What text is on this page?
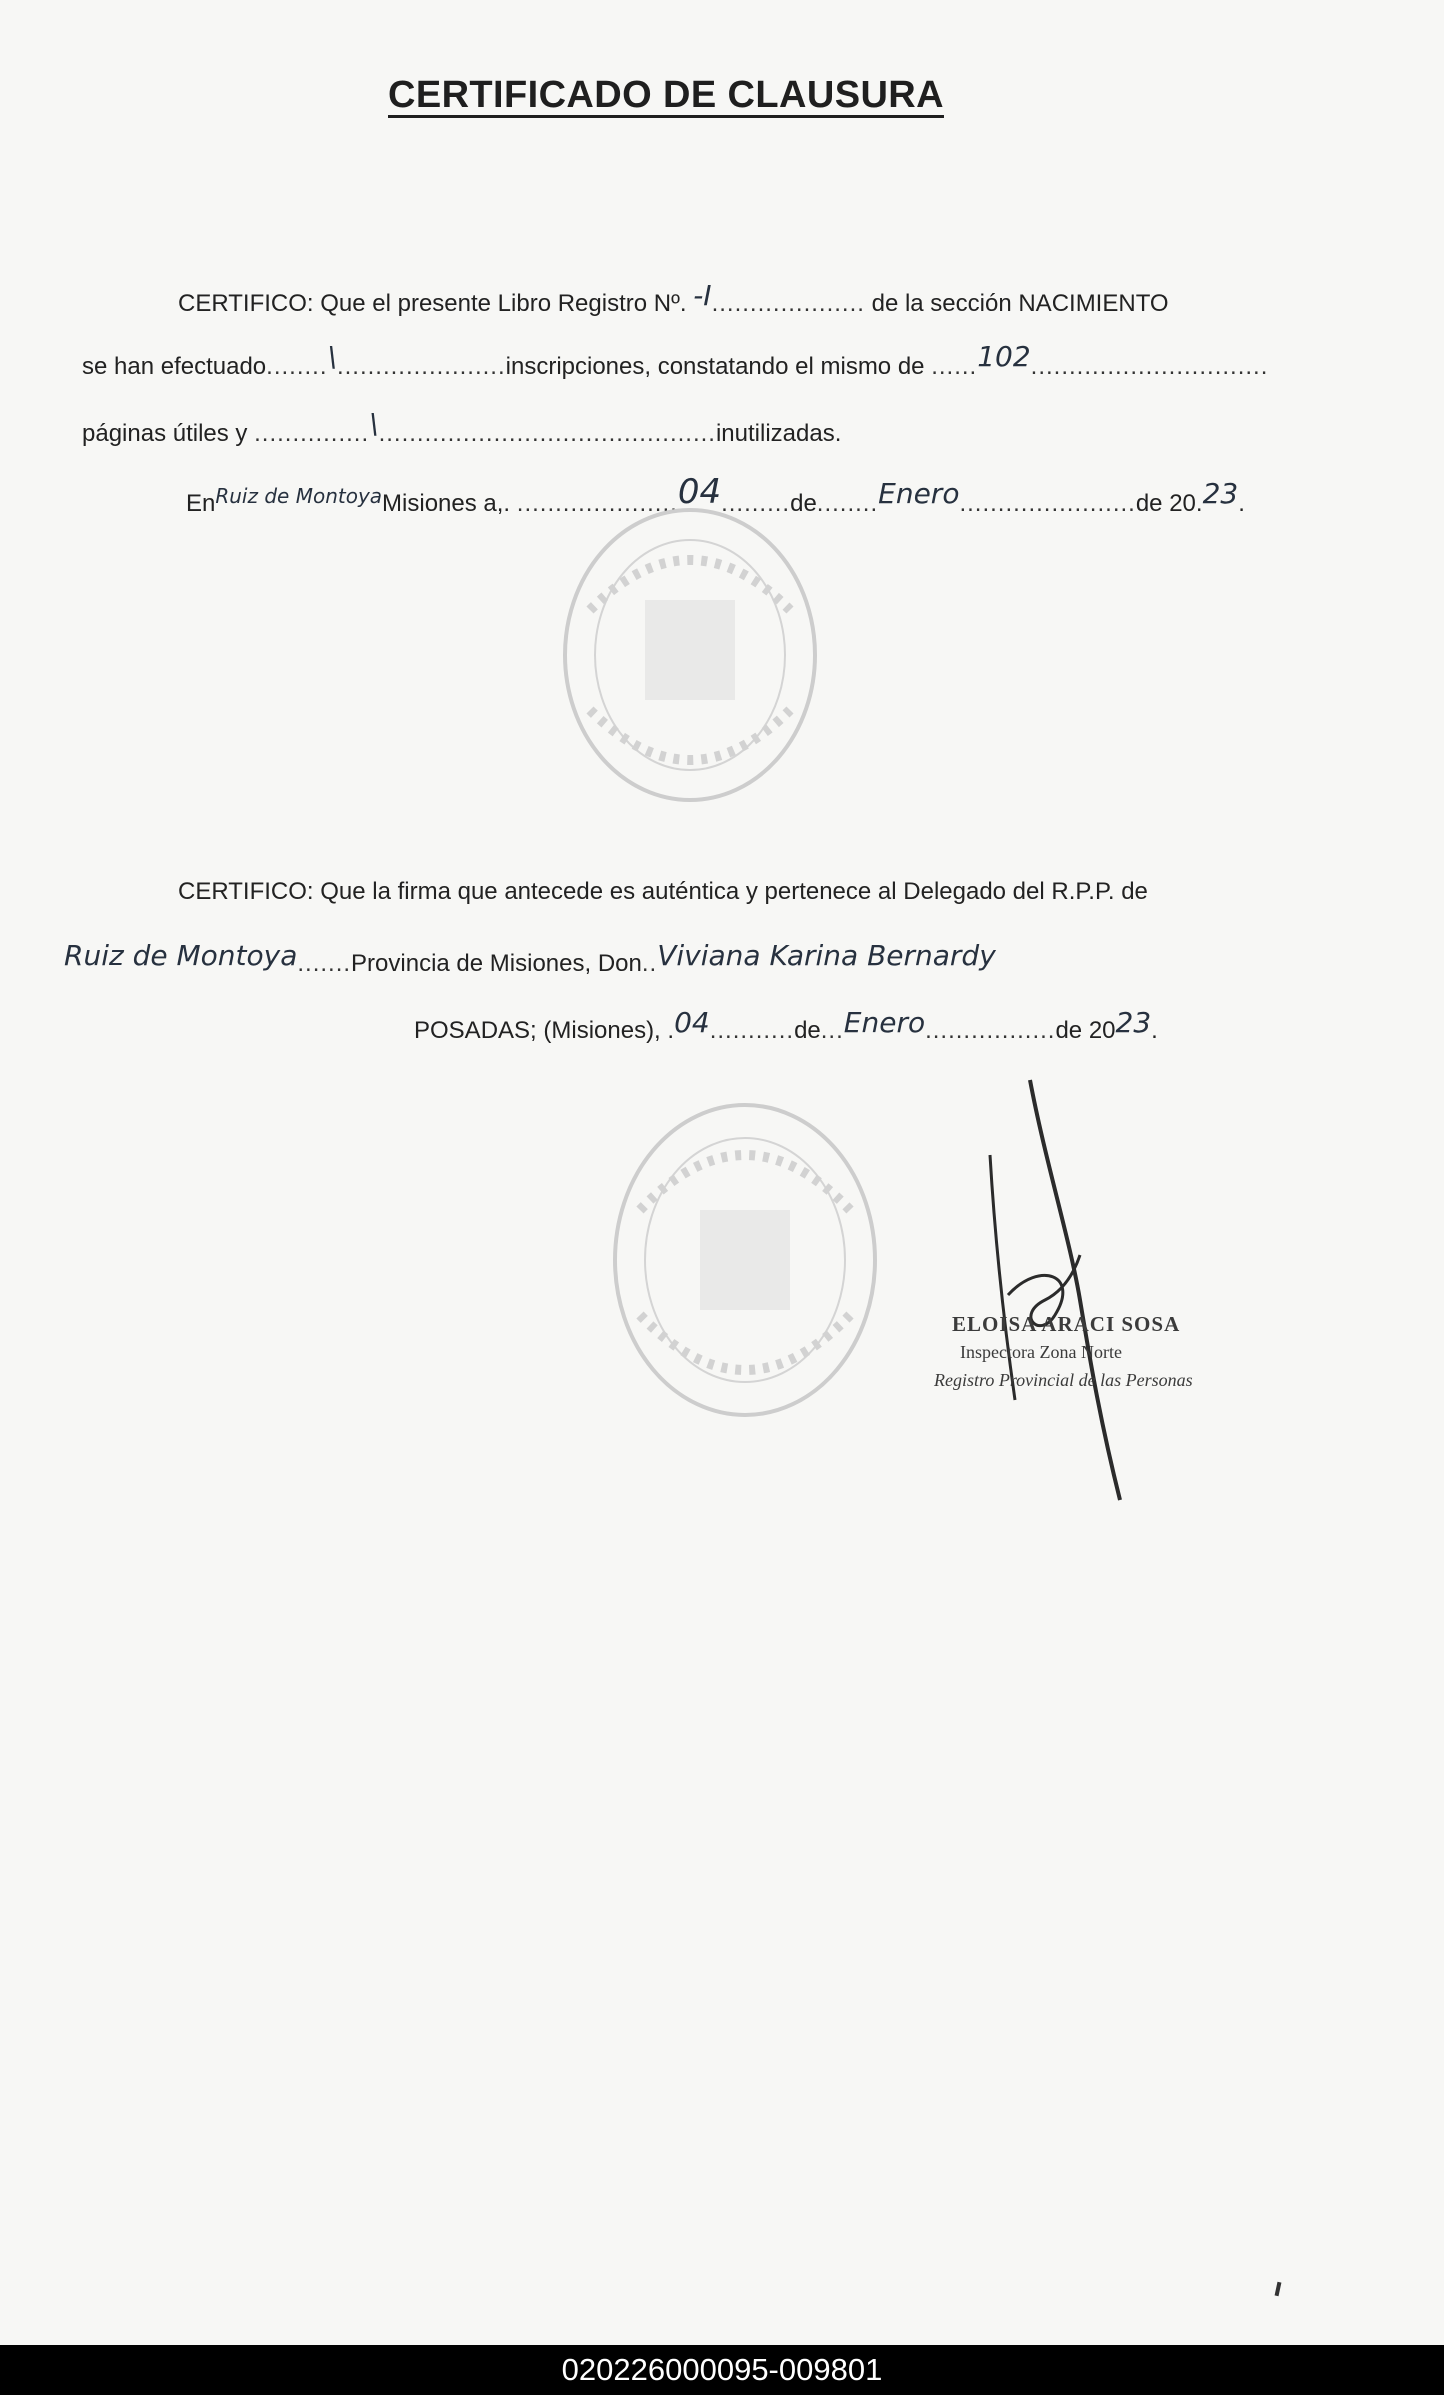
CERTIFICADO DE CLAUSURA
CERTIFICO: Que el presente Libro Registro Nº. -I.................... de la sección NACIMIENTO
se han efectuado........\......................inscripciones, constatando el mismo de ......102...............................
páginas útiles y ...............\............................................inutilizadas.
$En^{Ruiz de Montoya}Misiones$ a,. .....................04.........de........Enero.......................de 20.23.
CERTIFICO: Que la firma que antecede es auténtica y pertenece al Delegado del R.P.P. de
Ruiz de Montoya.......Provincia de Misiones, Don..Viviana Karina Bernardy
POSADAS; (Misiones), .04...........de...Enero.................de 2023.
ELOISA ARACI SOSA
Inspectora Zona Norte
Registro Provincial de las Personas
020226000095-009801
